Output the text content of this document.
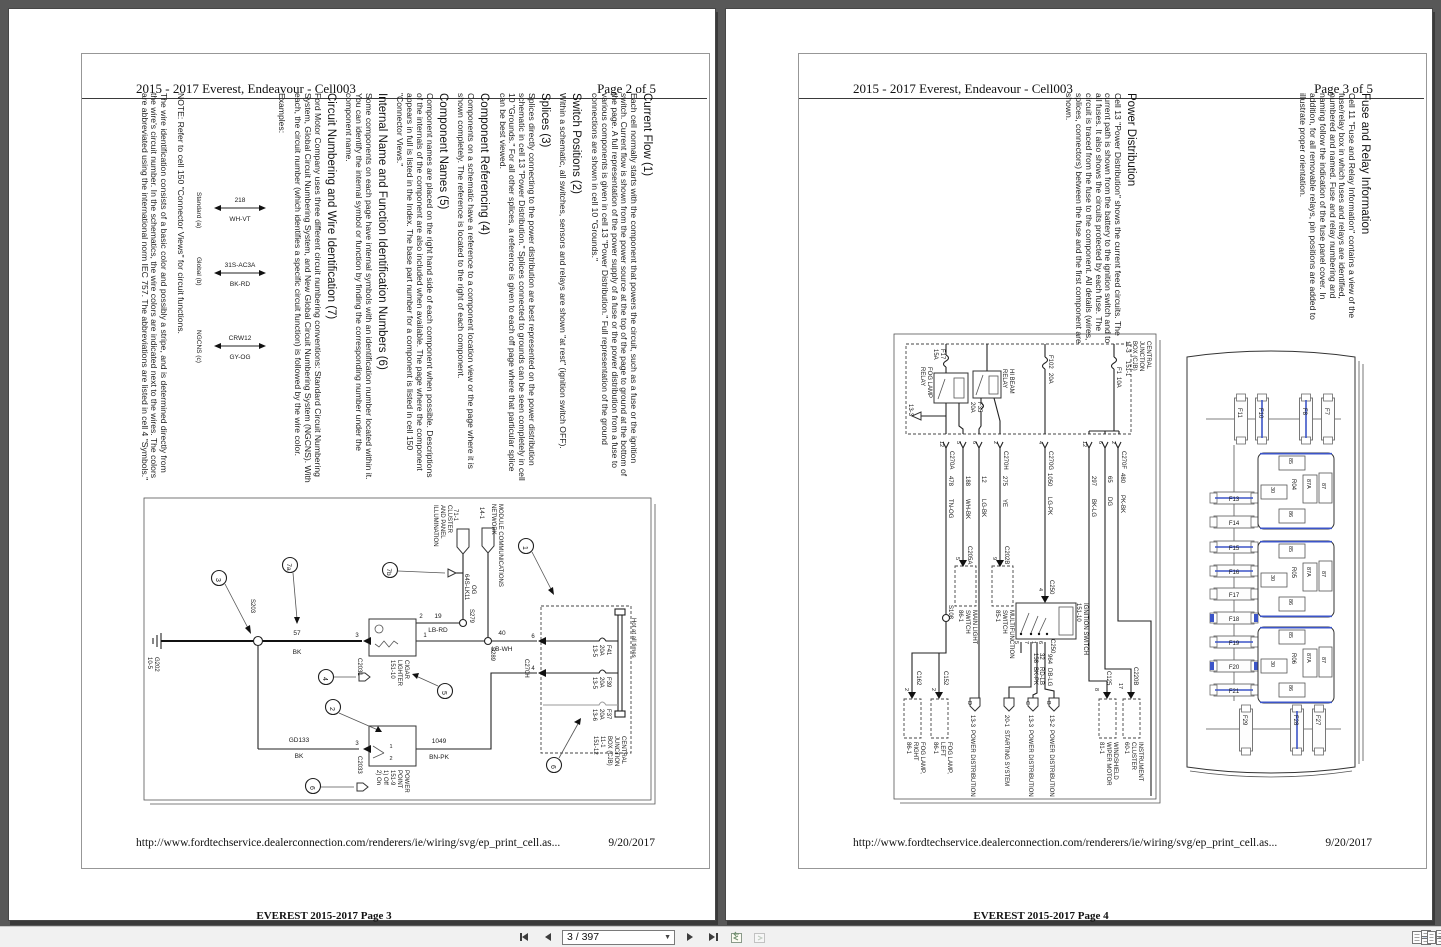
2015 - 2017 Everest, Endeavour - Cell003	Page 2 of 5
Current Flow (1)

Each cell normally starts with the component that powers the circuit, such as a fuse or the ignition switch. Current flow is shown from the power source at the top of the page to ground at the bottom of the page. A full representation of the power supply of a fuse or the power distribution from a fuse to various components is given in cell 13 "Power Distribution." Full representation of the ground connections are shown in cell 10 "Grounds."

Switch Positions (2)

Within a schematic, all switches, sensors and relays are shown "at rest" (ignition switch OFF).

Splices (3)

Splices directly connecting to the power distribution are best represented on the power distribution schematic in cell 13 "Power Distribution." Splices connected to grounds can be seen completely in cell 10 "Grounds." For all other splices, a reference is given to each off page where that particular splice can be best viewed.

Component Referencing (4)

Components on a schematic have a reference to a component location view or the page where it is shown completely. The reference is located to the right of each component.

Component Names (5)

Component names are placed on the right hand side of each component when possible. Descriptions of the internals of the component are also included when available. The page where the component appears in full is listed in the Index. The base part number for a component is listed in cell 150 "Connector Views."

Internal Name and Function Identification Numbers (6)

Some components on each page have internal symbols with an identification number located within it. You can identify the internal symbol or function by finding the corresponding number under the component name.

Circuit Numbering and Wire Identification (7)

Ford Motor Company uses three different circuit numbering conventions: Standard Circuit Numbering System, Global Circuit Numbering System, and New Global Circuit Numbering System (NGCNS). With each, the circuit number (which identifies a specific circuit function) is followed by the wire color.

Examples:

NOTE: Refer to cell 150 "Connector Views" for circuit functions.

The wire identification consists of a basic color and possibly a stripe, and is determined directly from the wire's circuit number. In the schematics, the wire colors are indicated next to the wires. The colors are abbreviated using the international norm IEC 757. The abbreviations are listed in cell 4 "Symbols."	218
WH-VT
Standard (a)
31S-AC3A
BK-RD
Global (b)
CRW12
GY-OG
NGCNS (c)
G202
10-5
S203
57
BK
3
C2031	CIGAR
LIGHTER
151-10
2 19
LB-RD
1	40
LB-WH
S279
S289
64S-LK11 OG
71-1	14-1
CLUSTER
AND PANEL
ILLUMINATION	MODULE COMMUNICATIONS
NETWORK
C270H
6
4
1049
BN-PK
3
C2033
1
2
POWER
POINT
151-9
1) Off
2) On
GD133
BK
Hot at all times
F41
20A
13-5
F39
20A
13-5
F37
20A
13-6
CENTRAL
JUNCTION
BOX (CJB)
11-1
151-12
3
7a
7b
1
4
5
2
6
6
http://www.fordtechservice.dealerconnection.com/renderers/ie/wiring/svg/ep_print_cell.as...	9/20/2017
EVEREST 2015-2017 Page 3
2015 - 2017 Everest, Endeavour - Cell003	Page 3 of 5
Fuse and Relay Information

Cell 11 "Fuse and Relay Information" contains a view of the fuse/relay box in which fuses and relays are identified, numbered and named. Fuse and relay numbering and naming follow the indication of the fuse panel cover. In addition, for all removable relays, pin positions are added to illustrate proper orientation.

Power Distribution

Cell 13 "Power Distribution" shows the current feed circuits. The current path is shown from the battery to the ignition switch and to all fuses. It also shows the circuits protected by each fuse. The circuit is traced from the fuse to the component. All details (wires, splices, connectors) between the fuse and the first component are shown.

CENTRAL
JUNCTION
BOX (CJB)
11-3
151-1
FOG LAMP
RELAY
F17
15A
HI BEAM
RELAY
F35
20A
F102
20A
F1
10A
13-3
12
C270A
5 6	2
C270H
4
C270G
12 6 2
C270F
478
TN-OG
188
WH-BK
12
LG-BK
275
YE
1050
LG-PK
297
BK-LG
65
DG
480
PK-BK
C205A
5	C202B
9
MAIN LIGHT
SWITCH
86-1	MULTIFUNCTION
SWITCH
85-1
S108
C250
4
IGNITION SWITCH
151-10
C250
5 7 1 6
158
BK-PK
32
RD-LB
964
DB-LG
C162
2
C152
2
FOG LAMP,
RIGHT
86-1	FOG LAMP,
LEFT
86-1
D
13-3
POWER DISTRIBUTION
20-1
STARTING SYSTEM
C
13-3
POWER DISTRIBUTION
B
13-2
POWER DISTRIBUTION
C125
8
C220B
17
WINDSHIELD
WIPER MOTOR
81-1	INSTRUMENT
CLUSTER
60-1
F11	F10	F8	F7
F13
F14
F15
F16
F17
F18
F19
F20
F21
R04
R05
R06
85
30
87A 87
86
85
30
87A 87
86
85
30
87A 87
86
F29	F28	F27
http://www.fordtechservice.dealerconnection.com/renderers/ie/wiring/svg/ep_print_cell.as...	9/20/2017
EVEREST 2015-2017 Page 4
3 / 397	▼
